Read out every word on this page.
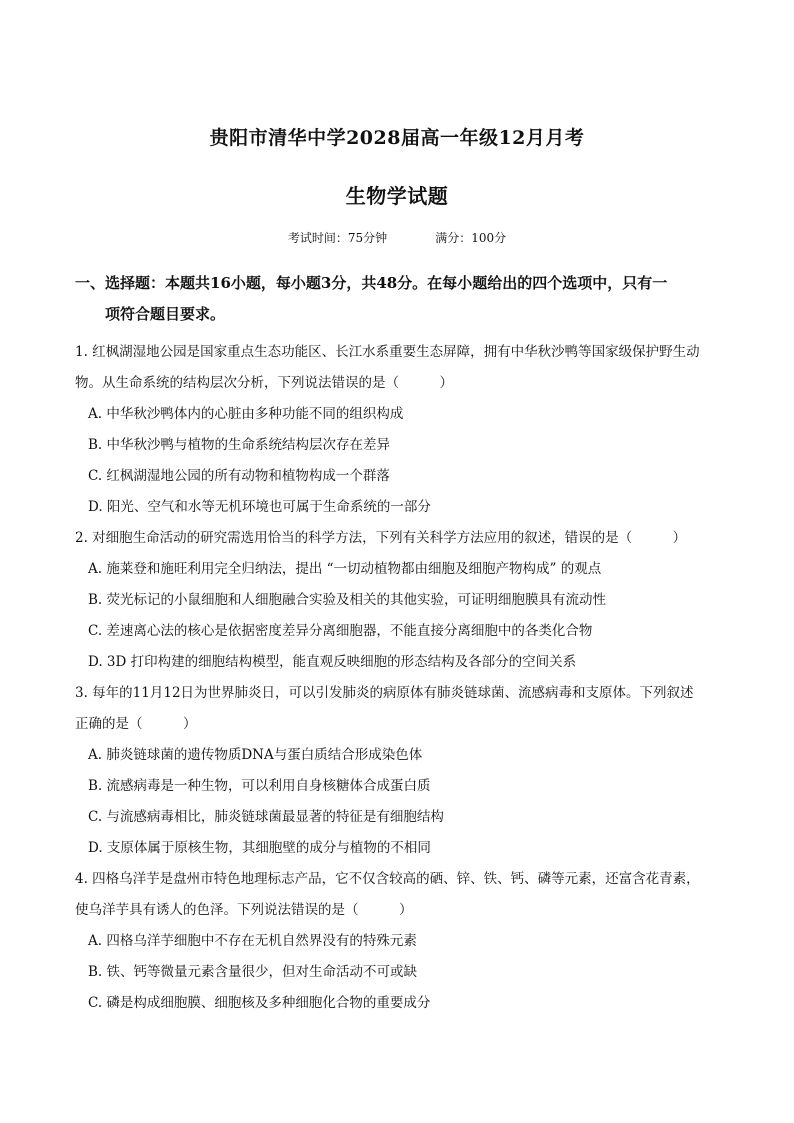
贵阳市清华中学2028届高一年级12月月考
生物学试题
考试时间：75分钟	满分：100分
一、选择题：本题共16小题，每小题3分，共48分。在每小题给出的四个选项中，只有一
项符合题目要求。
1. 红枫湖湿地公园是国家重点生态功能区、长江水系重要生态屏障，拥有中华秋沙鸭等国家级保护野生动
物。从生命系统的结构层次分析，下列说法错误的是（　　　）
A. 中华秋沙鸭体内的心脏由多种功能不同的组织构成
B. 中华秋沙鸭与植物的生命系统结构层次存在差异
C. 红枫湖湿地公园的所有动物和植物构成一个群落
D. 阳光、空气和水等无机环境也可属于生命系统的一部分
2. 对细胞生命活动的研究需选用恰当的科学方法，下列有关科学方法应用的叙述，错误的是（　　　）
A. 施莱登和施旺利用完全归纳法，提出 “一切动植物都由细胞及细胞产物构成” 的观点
B. 荧光标记的小鼠细胞和人细胞融合实验及相关的其他实验，可证明细胞膜具有流动性
C. 差速离心法的核心是依据密度差异分离细胞器，不能直接分离细胞中的各类化合物
D. 3D 打印构建的细胞结构模型，能直观反映细胞的形态结构及各部分的空间关系
3. 每年的11月12日为世界肺炎日，可以引发肺炎的病原体有肺炎链球菌、流感病毒和支原体。下列叙述
正确的是（　　　）
A. 肺炎链球菌的遗传物质DNA与蛋白质结合形成染色体
B. 流感病毒是一种生物，可以利用自身核糖体合成蛋白质
C. 与流感病毒相比，肺炎链球菌最显著的特征是有细胞结构
D. 支原体属于原核生物，其细胞壁的成分与植物的不相同
4. 四格乌洋芋是盘州市特色地理标志产品，它不仅含较高的硒、锌、铁、钙、磷等元素，还富含花青素，
使乌洋芋具有诱人的色泽。下列说法错误的是（　　　）
A. 四格乌洋芋细胞中不存在无机自然界没有的特殊元素
B. 铁、钙等微量元素含量很少，但对生命活动不可或缺
C. 磷是构成细胞膜、细胞核及多种细胞化合物的重要成分
